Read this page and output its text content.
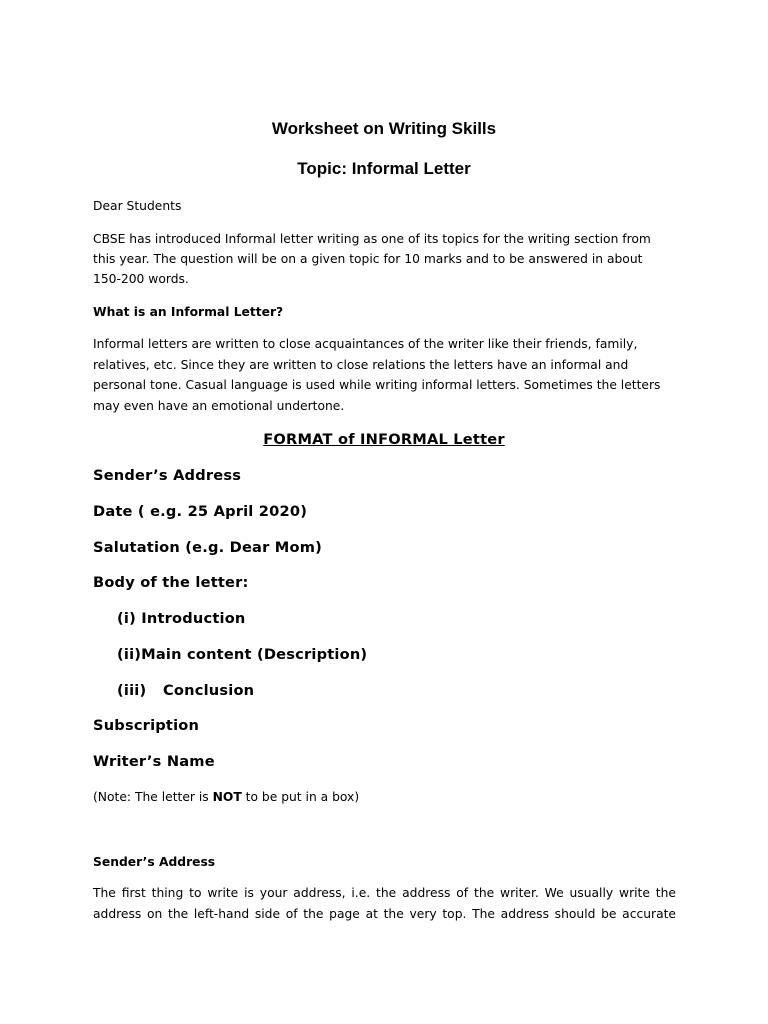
Worksheet on Writing Skills
Topic: Informal Letter

Dear Students

CBSE has introduced Informal letter writing as one of its topics for the writing section from

this year. The question will be on a given topic for 10 marks and to be answered in about

150-200 words.

What is an Informal Letter?

Informal letters are written to close acquaintances of the writer like their friends, family,

relatives, etc. Since they are written to close relations the letters have an informal and

personal tone. Casual language is used while writing informal letters. Sometimes the letters

may even have an emotional undertone.

FORMAT of INFORMAL Letter

Sender’s Address

Date ( e.g. 25 April 2020)

Salutation (e.g. Dear Mom)

Body of the letter:

(i) Introduction

(ii)Main content (Description)

(iii) Conclusion

Subscription

Writer’s Name

(Note: The letter is NOT to be put in a box)

Sender’s Address

The first thing to write is your address, i.e. the address of the writer. We usually write the

address on the left-hand side of the page at the very top. The address should be accurate
